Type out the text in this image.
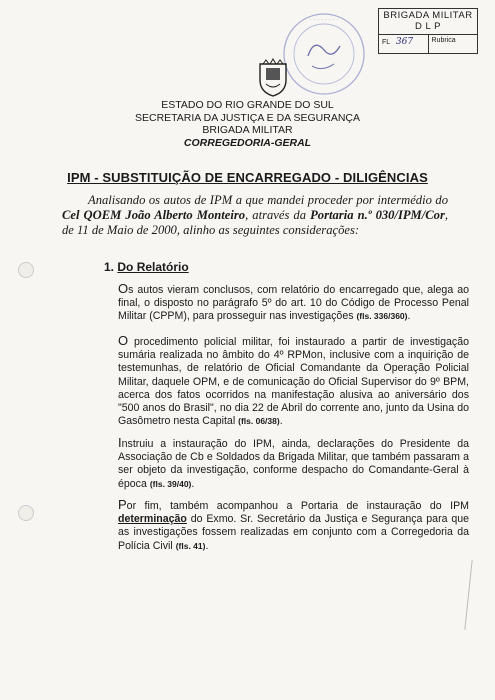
· · · · · · · ·	BRIGADA MILITAR
D L P
FL 367	Rubrica
ESTADO DO RIO GRANDE DO SUL
SECRETARIA DA JUSTIÇA E DA SEGURANÇA
BRIGADA MILITAR
CORREGEDORIA-GERAL
IPM - SUBSTITUIÇÃO DE ENCARREGADO - DILIGÊNCIAS
Analisando os autos de IPM a que mandei proceder por intermédio do Cel QOEM João Alberto Monteiro, através da Portaria n.º 030/IPM/Cor, de 11 de Maio de 2000, alinho as seguintes considerações:
1. Do Relatório
Os autos vieram conclusos, com relatório do encarregado que, alega ao final, o disposto no parágrafo 5º do art. 10 do Código de Processo Penal Militar (CPPM), para prosseguir nas investigações (fls. 336/360).
O procedimento policial militar, foi instaurado a partir de investigação sumária realizada no âmbito do 4º RPMon, inclusive com a inquirição de testemunhas, de relatório de Oficial Comandante da Operação Policial Militar, daquele OPM, e de comunicação do Oficial Supervisor do 9º BPM, acerca dos fatos ocorridos na manifestação alusiva ao aniversário dos "500 anos do Brasil", no dia 22 de Abril do corrente ano, junto da Usina do Gasômetro nesta Capital (fls. 06/38).
Instruiu a instauração do IPM, ainda, declarações do Presidente da Associação de Cb e Soldados da Brigada Militar, que também passaram a ser objeto da investigação, conforme despacho do Comandante-Geral à época (fls. 39/40).
Por fim, também acompanhou a Portaria de instauração do IPM determinação do Exmo. Sr. Secretário da Justiça e Segurança para que as investigações fossem realizadas em conjunto com a Corregedoria da Polícia Civil (fls. 41).
